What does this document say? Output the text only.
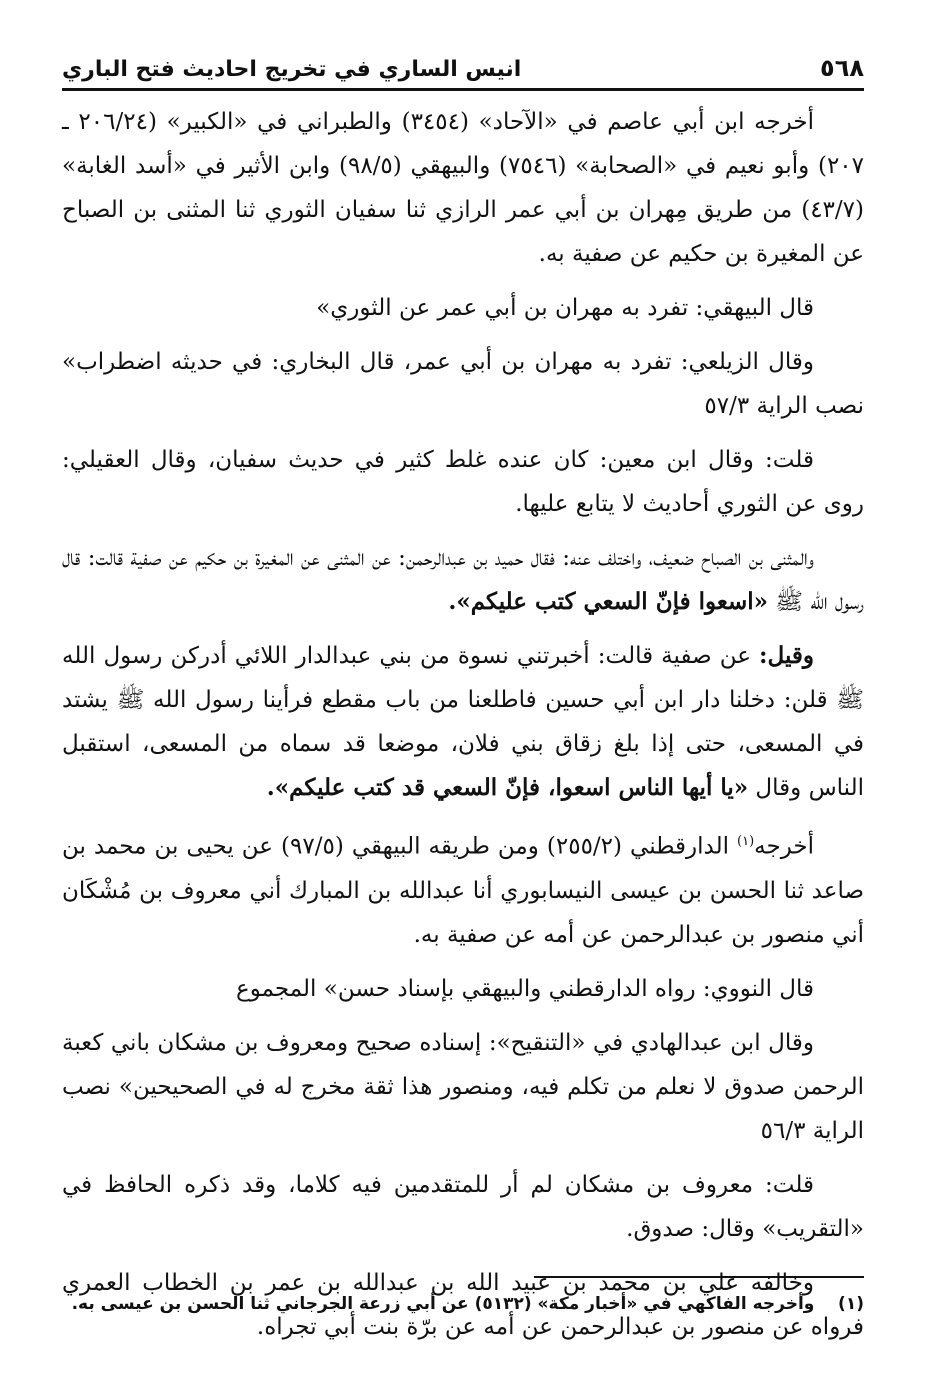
٥٦٨
انيس الساري في تخريج احاديث فتح الباري

أخرجه ابن أبي عاصم في «الآحاد» (٣٤٥٤) والطبراني في «الكبير» (٢٠٦/٢٤ ـ ٢٠٧) وأبو نعيم في «الصحابة» (٧٥٤٦) والبيهقي (٩٨/٥) وابن الأثير في «أسد الغابة» (٤٣/٧) من طريق مِهران بن أبي عمر الرازي ثنا سفيان الثوري ثنا المثنى بن الصباح عن المغيرة بن حكيم عن صفية به.

قال البيهقي: تفرد به مهران بن أبي عمر عن الثوري»

وقال الزيلعي: تفرد به مهران بن أبي عمر، قال البخاري: في حديثه اضطراب» نصب الراية ٥٧/٣

قلت: وقال ابن معين: كان عنده غلط كثير في حديث سفيان، وقال العقيلي: روى عن الثوري أحاديث لا يتابع عليها.

والمثنى بن الصباح ضعيف، واختلف عنه: فقال حميد بن عبدالرحمن: عن المثنى عن المغيرة بن حكيم عن صفية قالت: قال رسول الله ﷺ «اسعوا فإنّ السعي كتب عليكم».

وقيل: عن صفية قالت: أخبرتني نسوة من بني عبدالدار اللائي أدركن رسول الله ﷺ قلن: دخلنا دار ابن أبي حسين فاطلعنا من باب مقطع فرأينا رسول الله ﷺ يشتد في المسعى، حتى إذا بلغ زقاق بني فلان، موضعا قد سماه من المسعى، استقبل الناس وقال «يا أيها الناس اسعوا، فإنّ السعي قد كتب عليكم».

أخرجه$^{(١)}$ الدارقطني (٢٥٥/٢) ومن طريقه البيهقي (٩٧/٥) عن يحيى بن محمد بن صاعد ثنا الحسن بن عيسى النيسابوري أنا عبدالله بن المبارك أني معروف بن مُشْكَان أني منصور بن عبدالرحمن عن أمه عن صفية به.

قال النووي: رواه الدارقطني والبيهقي بإسناد حسن» المجموع

وقال ابن عبدالهادي في «التنقيح»: إسناده صحيح ومعروف بن مشكان باني كعبة الرحمن صدوق لا نعلم من تكلم فيه، ومنصور هذا ثقة مخرج له في الصحيحين» نصب الراية ٥٦/٣

قلت: معروف بن مشكان لم أر للمتقدمين فيه كلاما، وقد ذكره الحافظ في «التقريب» وقال: صدوق.

وخالفه علي بن محمد بن عبيد الله بن عبدالله بن عمر بن الخطاب العمري فرواه عن منصور بن عبدالرحمن عن أمه عن برّة بنت أبي تجراه.

(١)    وأخرجه الفاكهي في «أخبار مكة» (٥١٣٢) عن أبي زرعة الجرجاني ثنا الحسن بن عيسى به.
